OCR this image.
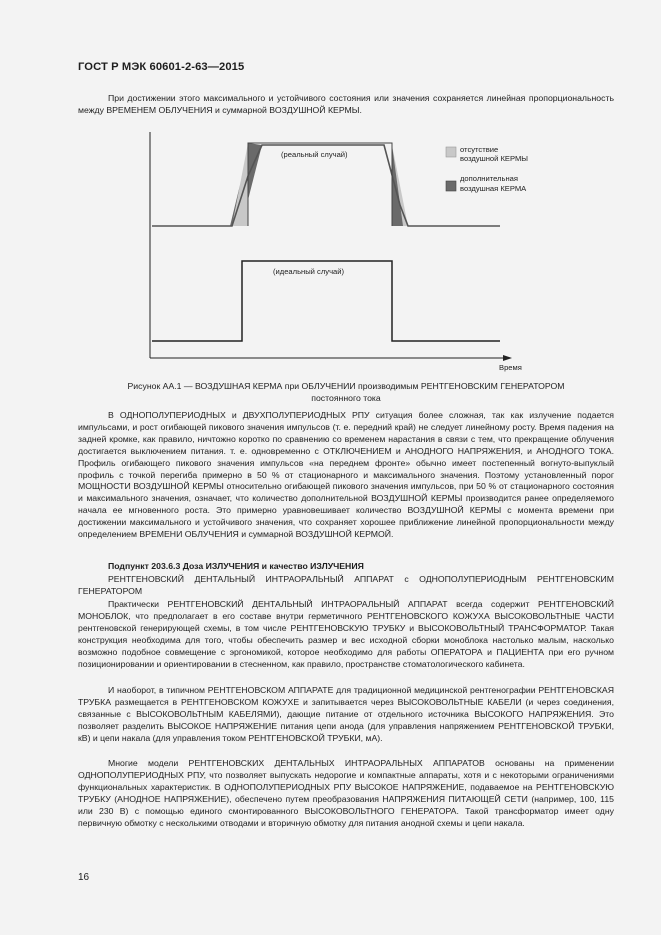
ГОСТ Р МЭК 60601-2-63—2015

При достижении этого максимального и устойчивого состояния или значения сохраняется линейная пропорциональность между ВРЕМЕНЕМ ОБЛУЧЕНИЯ и суммарной ВОЗДУШНОЙ КЕРМЫ.

(реальный случай)
(идеальный случай)
отсутствие
воздушной КЕРМЫ
дополнительная
воздушная КЕРМА
Время
Рисунок АА.1 — ВОЗДУШНАЯ КЕРМА при ОБЛУЧЕНИИ производимым РЕНТГЕНОВСКИМ ГЕНЕРАТОРОМ
постоянного тока

В ОДНОПОЛУПЕРИОДНЫХ и ДВУХПОЛУПЕРИОДНЫХ РПУ ситуация более сложная, так как излучение подается импульсами, и рост огибающей пикового значения импульсов (т. е. передний край) не следует линейному росту. Время падения на задней кромке, как правило, ничтожно коротко по сравнению со временем нарастания в связи с тем, что прекращение облучения достигается выключением питания. т. е. одновременно с ОТКЛЮЧЕНИЕМ и АНОДНОГО НАПРЯЖЕНИЯ, и АНОДНОГО ТОКА. Профиль огибающего пикового значения импульсов «на переднем фронте» обычно имеет постепенный вогнуто-выпуклый профиль с точкой перегиба примерно в 50 % от стационарного и максимального значения. Поэтому установленный порог МОЩНОСТИ ВОЗДУШНОЙ КЕРМЫ относительно огибающей пикового значения импульсов, при 50 % от стационарного состояния и максимального значения, означает, что количество дополнительной ВОЗДУШНОЙ КЕРМЫ производится ранее определяемого начала ее мгновенного роста. Это примерно уравновешивает количество ВОЗДУШНОЙ КЕРМЫ с момента времени при достижении максимального и устойчивого значения, что сохраняет хорошее приближение линейной пропорциональности между определением ВРЕМЕНИ ОБЛУЧЕНИЯ и суммарной ВОЗДУШНОЙ КЕРМОЙ.

Подпункт 203.6.3 Доза ИЗЛУЧЕНИЯ и качество ИЗЛУЧЕНИЯ

РЕНТГЕНОВСКИЙ ДЕНТАЛЬНЫЙ ИНТРАОРАЛЬНЫЙ АППАРАТ с ОДНОПОЛУПЕРИОДНЫМ РЕНТГЕНОВСКИМ ГЕНЕРАТОРОМ

Практически РЕНТГЕНОВСКИЙ ДЕНТАЛЬНЫЙ ИНТРАОРАЛЬНЫЙ АППАРАТ всегда содержит РЕНТГЕНОВСКИЙ МОНОБЛОК, что предполагает в его составе внутри герметичного РЕНТГЕНОВСКОГО КОЖУХА ВЫСОКОВОЛЬТНЫЕ ЧАСТИ рентгеновской генерирующей схемы, в том числе РЕНТГЕНОВСКУЮ ТРУБКУ и ВЫСОКОВОЛЬТНЫЙ ТРАНСФОРМАТОР. Такая конструкция необходима для того, чтобы обеспечить размер и вес исходной сборки моноблока настолько малым, насколько возможно подобное совмещение с эргономикой, которое необходимо для работы ОПЕРАТОРА и ПАЦИЕНТА при его ручном позиционировании и ориентировании в стесненном, как правило, пространстве стоматологического кабинета.

И наоборот, в типичном РЕНТГЕНОВСКОМ АППАРАТЕ для традиционной медицинской рентгенографии РЕНТГЕНОВСКАЯ ТРУБКА размещается в РЕНТГЕНОВСКОМ КОЖУХЕ и запитывается через ВЫСОКОВОЛЬТНЫЕ КАБЕЛИ (и через соединения, связанные с ВЫСОКОВОЛЬТНЫМ КАБЕЛЯМИ), дающие питание от отдельного источника ВЫСОКОГО НАПРЯЖЕНИЯ. Это позволяет разделить ВЫСОКОЕ НАПРЯЖЕНИЕ питания цепи анода (для управления напряжением РЕНТГЕНОВСКОЙ ТРУБКИ, кВ) и цепи накала (для управления током РЕНТГЕНОВСКОЙ ТРУБКИ, мА).

Многие модели РЕНТГЕНОВСКИХ ДЕНТАЛЬНЫХ ИНТРАОРАЛЬНЫХ АППАРАТОВ основаны на применении ОДНОПОЛУПЕРИОДНЫХ РПУ, что позволяет выпускать недорогие и компактные аппараты, хотя и с некоторыми ограничениями функциональных характеристик. В ОДНОПОЛУПЕРИОДНЫХ РПУ ВЫСОКОЕ НАПРЯЖЕНИЕ, подаваемое на РЕНТГЕНОВСКУЮ ТРУБКУ (АНОДНОЕ НАПРЯЖЕНИЕ), обеспечено путем преобразования НАПРЯЖЕНИЯ ПИТАЮЩЕЙ СЕТИ (например, 100, 115 или 230 В) с помощью единого смонтированного ВЫСОКОВОЛЬТНОГО ГЕНЕРАТОРА. Такой трансформатор имеет одну первичную обмотку с несколькими отводами и вторичную обмотку для питания анодной схемы и цепи накала.

16
